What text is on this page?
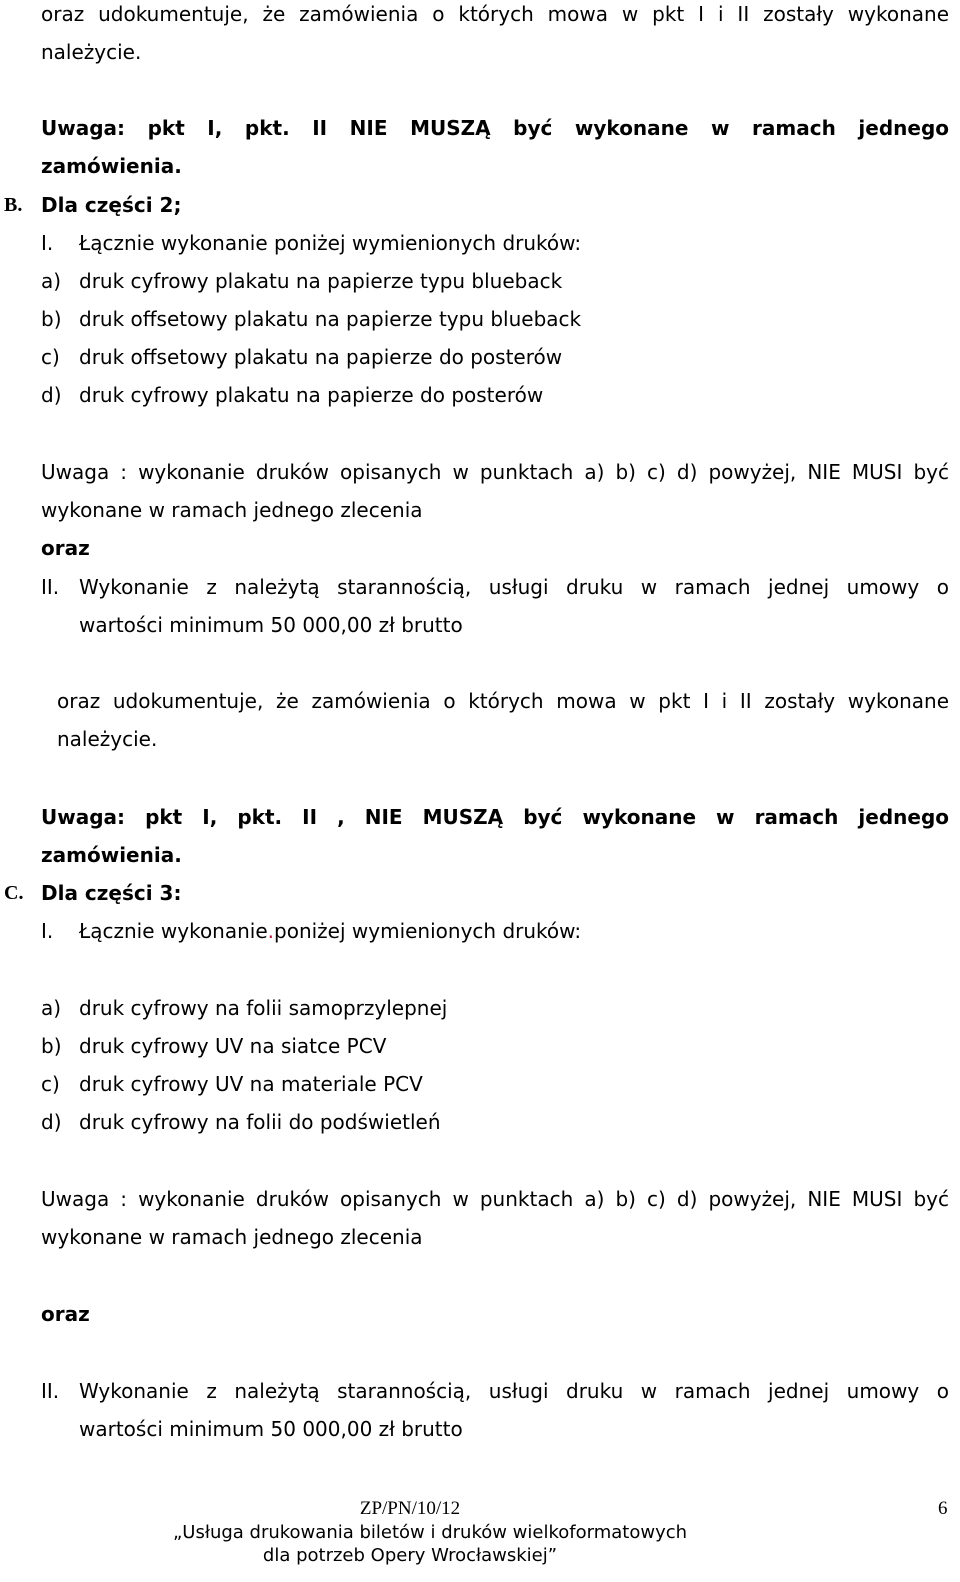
oraz udokumentuje, że zamówienia o których mowa w pkt I i II zostały wykonane
należycie.
Uwaga: pkt I, pkt. II NIE MUSZĄ być wykonane w ramach jednego
zamówienia.
B. Dla części 2;
I. Łącznie wykonanie poniżej wymienionych druków:
a) druk cyfrowy plakatu na papierze typu blueback
b) druk offsetowy plakatu na papierze typu blueback
c) druk offsetowy plakatu na papierze do posterów
d) druk cyfrowy plakatu na papierze do posterów
Uwaga : wykonanie druków opisanych w punktach a) b) c) d) powyżej, NIE MUSI być
wykonane w ramach jednego zlecenia
oraz
II. Wykonanie z należytą starannością, usługi druku w ramach jednej umowy o
wartości minimum 50 000,00 zł brutto
oraz udokumentuje, że zamówienia o których mowa w pkt I i II zostały wykonane
należycie.
Uwaga: pkt I, pkt. II , NIE MUSZĄ być wykonane w ramach jednego
zamówienia.
C. Dla części 3:
I. Łącznie wykonanie.poniżej wymienionych druków:
a) druk cyfrowy na folii samoprzylepnej
b) druk cyfrowy UV na siatce PCV
c) druk cyfrowy UV na materiale PCV
d) druk cyfrowy na folii do podświetleń
Uwaga : wykonanie druków opisanych w punktach a) b) c) d) powyżej, NIE MUSI być
wykonane w ramach jednego zlecenia
oraz
II. Wykonanie z należytą starannością, usługi druku w ramach jednej umowy o
wartości minimum 50 000,00 zł brutto
ZP/PN/10/12	6
„Usługa drukowania biletów i druków wielkoformatowych
dla potrzeb Opery Wrocławskiej”
